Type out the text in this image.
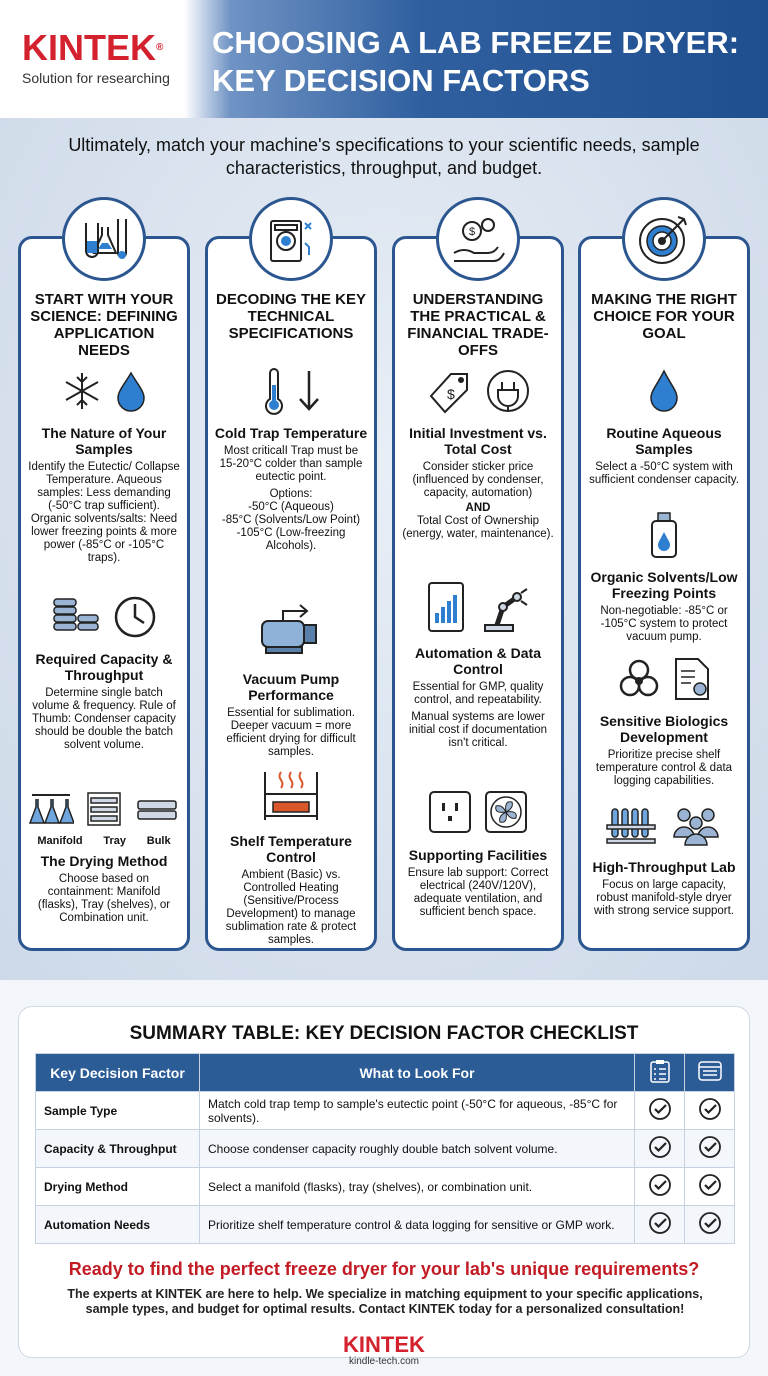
KINTEK®
Solution for researching
CHOOSING A LAB FREEZE DRYER:
KEY DECISION FACTORS
Ultimately, match your machine's specifications to your scientific needs, sample characteristics, throughput, and budget.
START WITH YOUR SCIENCE: DEFINING APPLICATION NEEDS
The Nature of Your Samples
Identify the Eutectic/ Collapse Temperature. Aqueous samples: Less demanding (-50°C trap sufficient). Organic solvents/salts: Need lower freezing points & more power (-85°C or -105°C traps).
Required Capacity & Throughput
Determine single batch volume & frequency. Rule of Thumb: Condenser capacity should be double the batch solvent volume.
Manifold Tray Bulk
The Drying Method
Choose based on containment: Manifold (flasks), Tray (shelves), or Combination unit.
DECODING THE KEY TECHNICAL SPECIFICATIONS
Cold Trap Temperature
Most criticalI Trap must be 15-20°C colder than sample eutectic point.
Options:
-50°C (Aqueous)
-85°C (Solvents/Low Point)
-105°C (Low-freezing Alcohols).
Vacuum Pump Performance
Essential for sublimation. Deeper vacuum = more efficient drying for difficult samples.
Shelf Temperature Control
Ambient (Basic) vs. Controlled Heating (Sensitive/Process Development) to manage sublimation rate & protect samples.
$
UNDERSTANDING THE PRACTICAL & FINANCIAL TRADE-OFFS
$
Initial Investment vs. Total Cost
Consider sticker price (influenced by condenser, capacity, automation)
AND
Total Cost of Ownership (energy, water, maintenance).
Automation & Data Control
Essential for GMP, quality control, and repeatability.
Manual systems are lower initial cost if documentation isn't critical.
Supporting Facilities
Ensure lab support: Correct electrical (240V/120V), adequate ventilation, and sufficient bench space.
MAKING THE RIGHT CHOICE FOR YOUR GOAL
Routine Aqueous Samples
Select a -50°C system with sufficient condenser capacity.
Organic Solvents/Low Freezing Points
Non-negotiable: -85°C or -105°C system to protect vacuum pump.
Sensitive Biologics Development
Prioritize precise shelf temperature control & data logging capabilities.
High-Throughput Lab
Focus on large capacity, robust manifold-style dryer with strong service support.
SUMMARY TABLE: KEY DECISION FACTOR CHECKLIST
Key Decision Factor	What to Look For		
Sample Type	Match cold trap temp to sample's eutectic point (-50°C for aqueous, -85°C for solvents).		
Capacity & Throughput	Choose condenser capacity roughly double batch solvent volume.		
Drying Method	Select a manifold (flasks), tray (shelves), or combination unit.		
Automation Needs	Prioritize shelf temperature control & data logging for sensitive or GMP work.		
Ready to find the perfect freeze dryer for your lab's unique requirements?
The experts at KINTEK are here to help. We specialize in matching equipment to your specific applications, sample types, and budget for optimal results. Contact KINTEK today for a personalized consultation!
KINTEK
kindle-tech.com
